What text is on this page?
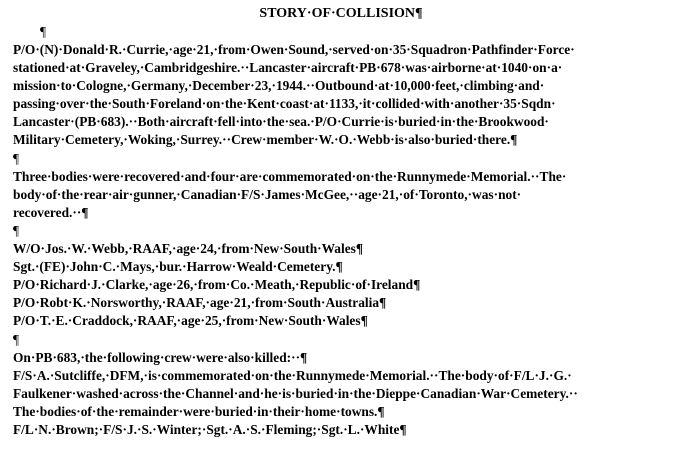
STORY·OF·COLLISION¶
¶
P/O·(N)·Donald·R.·Currie,·age·21,·from·Owen·Sound,·served·on·35·Squadron·Pathfinder·Force·
stationed·at·Graveley,·Cambridgeshire.··Lancaster·aircraft·PB·678·was·airborne·at·1040·on·a·
mission·to·Cologne,·Germany,·December·23,·1944.··Outbound·at·10,000·feet,·climbing·and·
passing·over·the·South·Foreland·on·the·Kent·coast·at·1133,·it·collided·with·another·35·Sqdn·
Lancaster·(PB·683).··Both·aircraft·fell·into·the·sea.·P/O·Currie·is·buried·in·the·Brookwood·
Military·Cemetery,·Woking,·Surrey.··Crew·member·W.·O.·Webb·is·also·buried·there.¶
¶
Three·bodies·were·recovered·and·four·are·commemorated·on·the·Runnymede·Memorial.··The·
body·of·the·rear·air·gunner,·Canadian·F/S·James·McGee,··age·21,·of·Toronto,·was·not·
recovered.··¶
¶
W/O·Jos.·W.·Webb,·RAAF,·age·24,·from·New·South·Wales¶
Sgt.·(FE)·John·C.·Mays,·bur.·Harrow·Weald·Cemetery.¶
P/O·Richard·J.·Clarke,·age·26,·from·Co.·Meath,·Republic·of·Ireland¶
P/O·Robt·K.·Norsworthy,·RAAF,·age·21,·from·South·Australia¶
P/O·T.·E.·Craddock,·RAAF,·age·25,·from·New·South·Wales¶
¶
On·PB·683,·the·following·crew·were·also·killed:··¶
F/S·A.·Sutcliffe,·DFM,·is·commemorated·on·the·Runnymede·Memorial.··The·body·of·F/L·J.·G.·
Faulkener·washed·across·the·Channel·and·he·is·buried·in·the·Dieppe·Canadian·War·Cemetery.··
The·bodies·of·the·remainder·were·buried·in·their·home·towns.¶
F/L·N.·Brown;·F/S·J.·S.·Winter;·Sgt.·A.·S.·Fleming;·Sgt.·L.·White¶
